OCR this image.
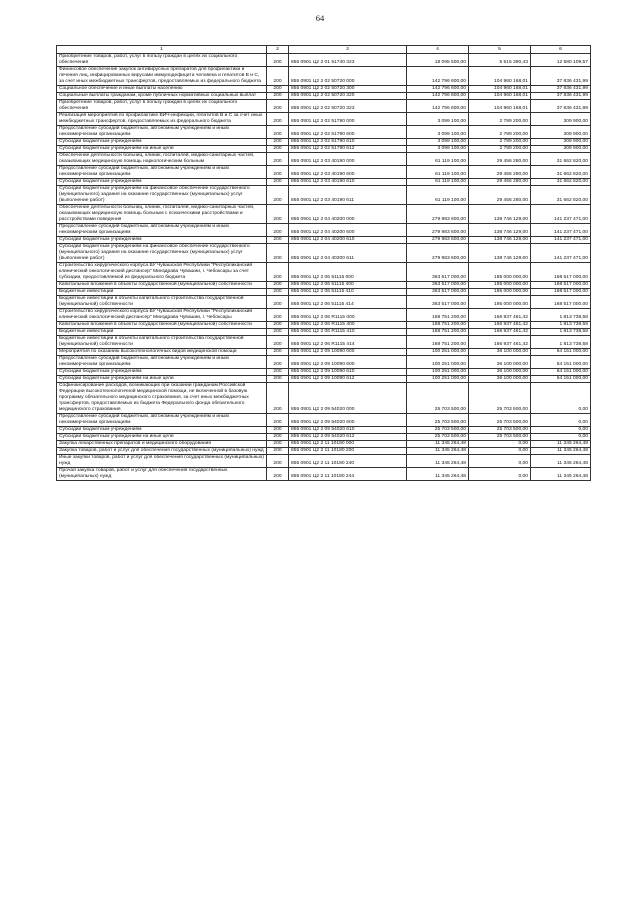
64
1	2	3	4	5	6
Приобретение товаров, работ, услуг в пользу граждан в целях их социального обеспечения	200	855 0901 Ц2 2 01 51740 323	18 095 500,00	5 515 390,43	12 580 109,57
Финансовое обеспечение закупок антивирусных препаратов для профилактики и лечения лиц, инфицированных вирусами иммунодефицита человека и гепатитов В и С, за счет иных межбюджетных трансфертов, предоставляемых из федерального бюджета	200	855 0901 Ц2 2 02 50720 000	142 796 600,00	104 960 168,01	37 836 431,99
Социальное обеспечение и иные выплаты населению	200	855 0901 Ц2 2 02 50720 300	142 796 600,00	104 960 168,01	37 836 431,99
Социальные выплаты гражданам, кроме публичных нормативных социальных выплат	200	855 0901 Ц2 2 02 50720 320	142 796 600,00	104 960 168,01	37 836 431,99
Приобретение товаров, работ, услуг в пользу граждан в целях их социального обеспечения	200	855 0901 Ц2 2 02 50720 323	142 796 600,00	104 960 168,01	37 836 431,99
Реализация мероприятий по профилактике ВИЧ-инфекции, гепатитов В и С за счет иных межбюджетных трансфертов, предоставляемых из федерального бюджета	200	855 0901 Ц2 2 02 51790 000	3 099 100,00	2 789 200,00	309 900,00
Предоставление субсидий бюджетным, автономным учреждениям и иным некоммерческим организациям	200	855 0901 Ц2 2 02 51790 600	3 099 100,00	2 789 200,00	309 900,00
Субсидии бюджетным учреждениям	200	855 0901 Ц2 2 02 51790 610	3 099 100,00	2 789 200,00	309 900,00
Субсидии бюджетным учреждениям на иные цели	200	855 0901 Ц2 2 02 51790 612	3 099 100,00	2 789 200,00	309 900,00
Обеспечение деятельности больниц, клиник, госпиталей, медико-санитарных частей, оказывающих медицинскую помощь наркологическим больным	200	855 0901 Ц2 2 03 40190 000	61 119 100,00	29 456 280,00	31 662 820,00
Предоставление субсидий бюджетным, автономным учреждениям и иным некоммерческим организациям	200	855 0901 Ц2 2 03 40190 600	61 119 100,00	29 456 280,00	31 662 820,00
Субсидии бюджетным учреждениям	200	855 0901 Ц2 2 03 40190 610	61 119 100,00	29 456 280,00	31 662 820,00
Субсидии бюджетным учреждениям на финансовое обеспечение государственного (муниципального) задания на оказание государственных (муниципальных) услуг (выполнение работ)	200	855 0901 Ц2 2 03 40190 611	61 119 100,00	29 456 280,00	31 662 820,00
Обеспечение деятельности больниц, клиник, госпиталей, медико-санитарных частей, оказывающих медицинскую помощь больным с психическими расстройствами и расстройствами поведения	200	855 0901 Ц2 2 04 40200 000	279 983 600,00	138 746 129,00	141 237 471,00
Предоставление субсидий бюджетным, автономным учреждениям и иным некоммерческим организациям	200	855 0901 Ц2 2 04 40200 600	279 983 600,00	138 746 129,00	141 237 471,00
Субсидии бюджетным учреждениям	200	855 0901 Ц2 2 04 40200 610	279 983 600,00	138 746 129,00	141 237 471,00
Субсидии бюджетным учреждениям на финансовое обеспечение государственного (муниципального) задания на оказание государственных (муниципальных) услуг (выполнение работ)	200	855 0901 Ц2 2 04 40200 611	279 983 600,00	138 746 129,00	141 237 471,00
Строительство хирургического корпуса БУ Чувашской Республики "Республиканский клинический онкологический диспансер" Минздрава Чувашии, г. Чебоксары за счет субсидии, предоставляемой из федерального бюджета	200	855 0901 Ц2 2 06 51115 000	363 517 000,00	195 000 000,00	168 517 000,00
Капитальные вложения в объекты государственной (муниципальной) собственности	200	855 0901 Ц2 2 06 51115 400	363 517 000,00	195 000 000,00	168 517 000,00
Бюджетные инвестиции	200	855 0901 Ц2 2 06 51115 410	363 517 000,00	195 000 000,00	168 517 000,00
Бюджетные инвестиции в объекты капитального строительства государственной (муниципальной) собственности	200	855 0901 Ц2 2 06 51115 414	363 517 000,00	195 000 000,00	168 517 000,00
Строительство хирургического корпуса БУ Чувашской Республики "Республиканский клинический онкологический диспансер" Минздрава Чувашии, г. Чебоксары	200	855 0901 Ц2 2 06 R1115 000	168 751 200,00	166 937 461,42	1 813 738,58
Капитальные вложения в объекты государственной (муниципальной) собственности	200	855 0901 Ц2 2 06 R1115 400	168 751 200,00	166 937 461,42	1 813 738,58
Бюджетные инвестиции	200	855 0901 Ц2 2 06 R1115 410	168 751 200,00	166 937 461,42	1 813 738,58
Бюджетные инвестиции в объекты капитального строительства государственной (муниципальной) собственности	200	855 0901 Ц2 2 06 R1115 414	168 751 200,00	166 937 461,42	1 813 738,58
Мероприятия по оказанию высокотехнологичных видов медицинской помощи	200	855 0901 Ц2 2 09 10090 000	100 251 000,00	36 100 000,00	64 151 000,00
Предоставление субсидий бюджетным, автономным учреждениям и иным некоммерческим организациям	200	855 0901 Ц2 2 09 10090 600	100 251 000,00	36 100 000,00	64 151 000,00
Субсидии бюджетным учреждениям	200	855 0901 Ц2 2 09 10090 610	100 251 000,00	36 100 000,00	64 151 000,00
Субсидии бюджетным учреждениям на иные цели	200	855 0901 Ц2 2 09 10090 612	100 251 000,00	36 100 000,00	64 151 000,00
Софинансирование расходов, возникающих при оказании гражданам Российской Федерации высокотехнологичной медицинской помощи, не включенной в базовую программу обязательного медицинского страхования, за счет иных межбюджетных трансфертов, предоставляемых из бюджета Федерального фонда обязательного медицинского страхования	200	855 0901 Ц2 2 09 54020 000	25 703 500,00	25 703 500,00	0,00
Предоставление субсидий бюджетным, автономным учреждениям и иным некоммерческим организациям	200	855 0901 Ц2 2 09 54020 600	25 703 500,00	25 703 500,00	0,00
Субсидии бюджетным учреждениям	200	855 0901 Ц2 2 09 54020 610	25 703 500,00	25 703 500,00	0,00
Субсидии бюджетным учреждениям на иные цели	200	855 0901 Ц2 2 09 54020 612	25 703 500,00	25 703 500,00	0,00
Закупка лекарственных препаратов и медицинского оборудования	200	855 0901 Ц2 2 11 10180 000	11 345 264,48	0,00	11 345 264,48
Закупка товаров, работ и услуг для обеспечения государственных (муниципальных) нужд	200	855 0901 Ц2 2 11 10180 200	11 345 264,48	0,00	11 345 264,48
Иные закупки товаров, работ и услуг для обеспечения государственных (муниципальных) нужд	200	855 0901 Ц2 2 11 10180 240	11 345 264,48	0,00	11 345 264,48
Прочая закупка товаров, работ и услуг для обеспечения государственных (муниципальных) нужд	200	855 0901 Ц2 2 11 10180 244	11 345 264,48	0,00	11 345 264,48
